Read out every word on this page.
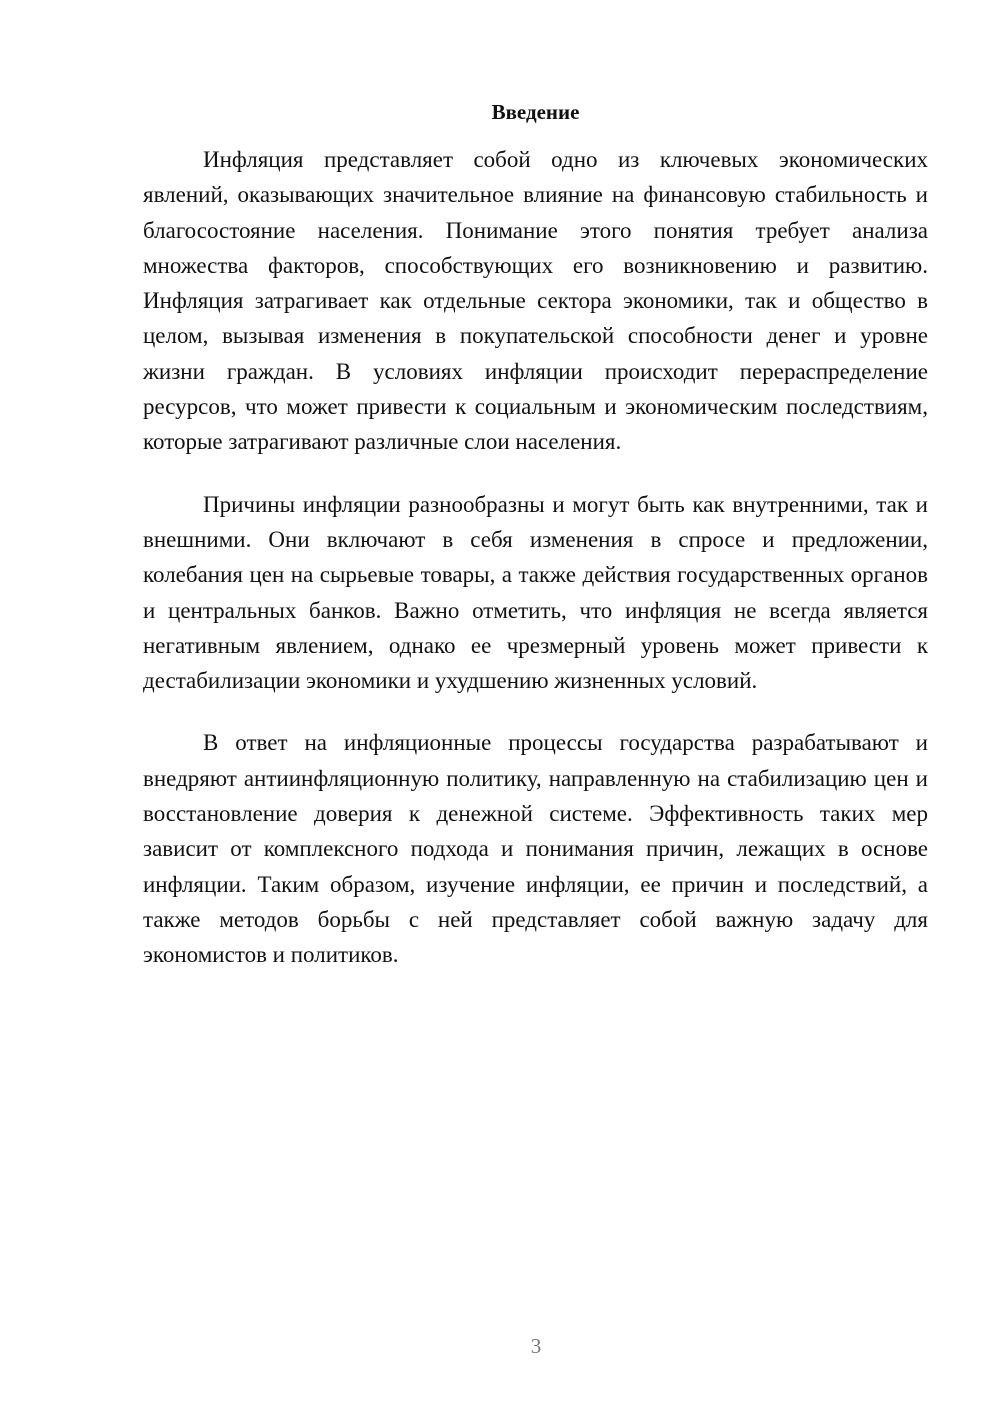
Введение

Инфляция представляет собой одно из ключевых экономических явлений, оказывающих значительное влияние на финансовую стабильность и благосостояние населения. Понимание этого понятия требует анализа множества факторов, способствующих его возникновению и развитию. Инфляция затрагивает как отдельные сектора экономики, так и общество в целом, вызывая изменения в покупательской способности денег и уровне жизни граждан. В условиях инфляции происходит перераспределение ресурсов, что может привести к социальным и экономическим последствиям, которые затрагивают различные слои населения.

Причины инфляции разнообразны и могут быть как внутренними, так и внешними. Они включают в себя изменения в спросе и предложении, колебания цен на сырьевые товары, а также действия государственных органов и центральных банков. Важно отметить, что инфляция не всегда является негативным явлением, однако ее чрезмерный уровень может привести к дестабилизации экономики и ухудшению жизненных условий.

В ответ на инфляционные процессы государства разрабатывают и внедряют антиинфляционную политику, направленную на стабилизацию цен и восстановление доверия к денежной системе. Эффективность таких мер зависит от комплексного подхода и понимания причин, лежащих в основе инфляции. Таким образом, изучение инфляции, ее причин и последствий, а также методов борьбы с ней представляет собой важную задачу для экономистов и политиков.

3
